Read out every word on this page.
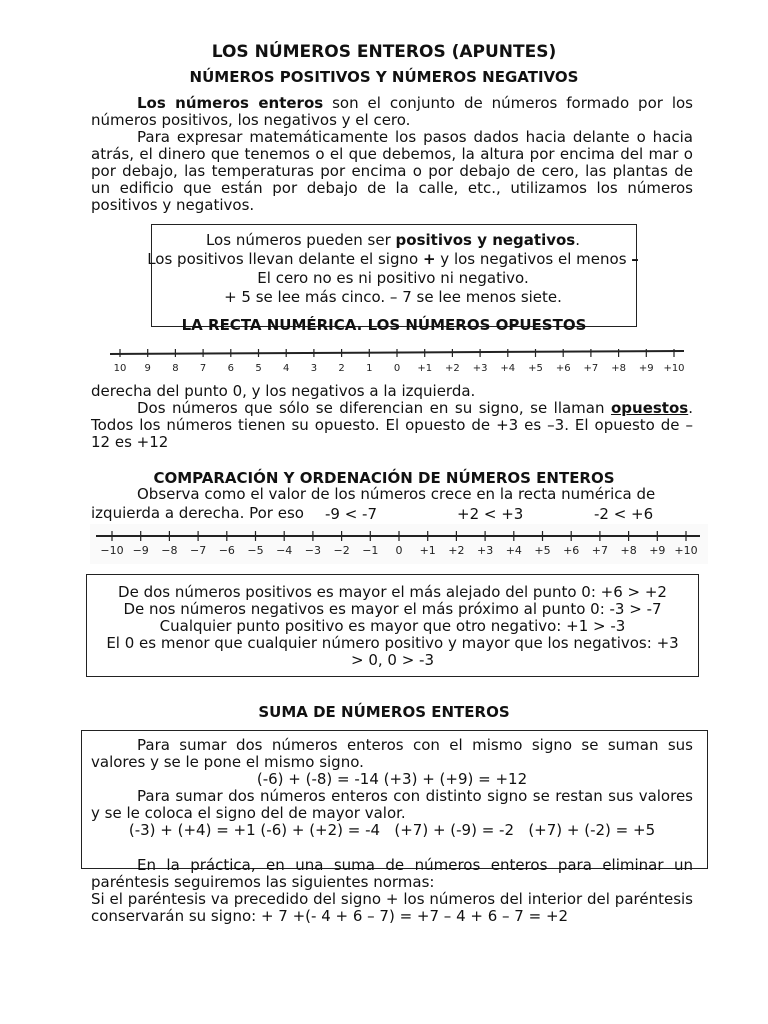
LOS NÚMEROS ENTEROS (APUNTES)
NÚMEROS POSITIVOS Y NÚMEROS NEGATIVOS
Los números enteros son el conjunto de números formado por los números positivos, los negativos y el cero.
Para expresar matemáticamente los pasos dados hacia delante o hacia atrás, el dinero que tenemos o el que debemos, la altura por encima del mar o por debajo, las temperaturas por encima o por debajo de cero, las plantas de un edificio que están por debajo de la calle, etc., utilizamos los números positivos y negativos.
Los números pueden ser positivos y negativos.
Los positivos llevan delante el signo + y los negativos el menos –
El cero no es ni positivo ni negativo.
+ 5 se lee más cinco. – 7 se lee menos siete.
LA RECTA NUMÉRICA. LOS NÚMEROS OPUESTOS
10 9 8 7 6 5 4 3 2 1 0 +1 +2 +3 +4 +5 +6 +7 +8 +9 +10
derecha del punto 0, y los negativos a la izquierda.
Dos números que sólo se diferencian en su signo, se llaman opuestos. Todos los números tienen su opuesto. El opuesto de +3 es –3. El opuesto de –12 es +12
COMPARACIÓN Y ORDENACIÓN DE NÚMEROS ENTEROS
Observa como el valor de los números crece en la recta numérica de
izquierda a derecha. Por eso -9 < -7	+2 < +3	-2 < +6
−10 −9 −8 −7 −6 −5 −4 −3 −2 −1 0 +1 +2 +3 +4 +5 +6 +7 +8 +9 +10
De dos números positivos es mayor el más alejado del punto 0: +6 > +2
De nos números negativos es mayor el más próximo al punto 0: -3 > -7
Cualquier punto positivo es mayor que otro negativo: +1 > -3
El 0 es menor que cualquier número positivo y mayor que los negativos: +3
> 0, 0 > -3
SUMA DE NÚMEROS ENTEROS
Para sumar dos números enteros con el mismo signo se suman sus valores y se le pone el mismo signo.
(-6) + (-8) = -14 (+3) + (+9) = +12
Para sumar dos números enteros con distinto signo se restan sus valores y se le coloca el signo del de mayor valor.
(-3) + (+4) = +1 (-6) + (+2) = -4   (+7) + (-9) = -2   (+7) + (-2) = +5
En la práctica, en una suma de números enteros para eliminar un paréntesis seguiremos las siguientes normas:
Si el paréntesis va precedido del signo + los números del interior del paréntesis conservarán su signo: + 7 +(- 4 + 6 – 7) = +7 – 4 + 6 – 7 = +2
